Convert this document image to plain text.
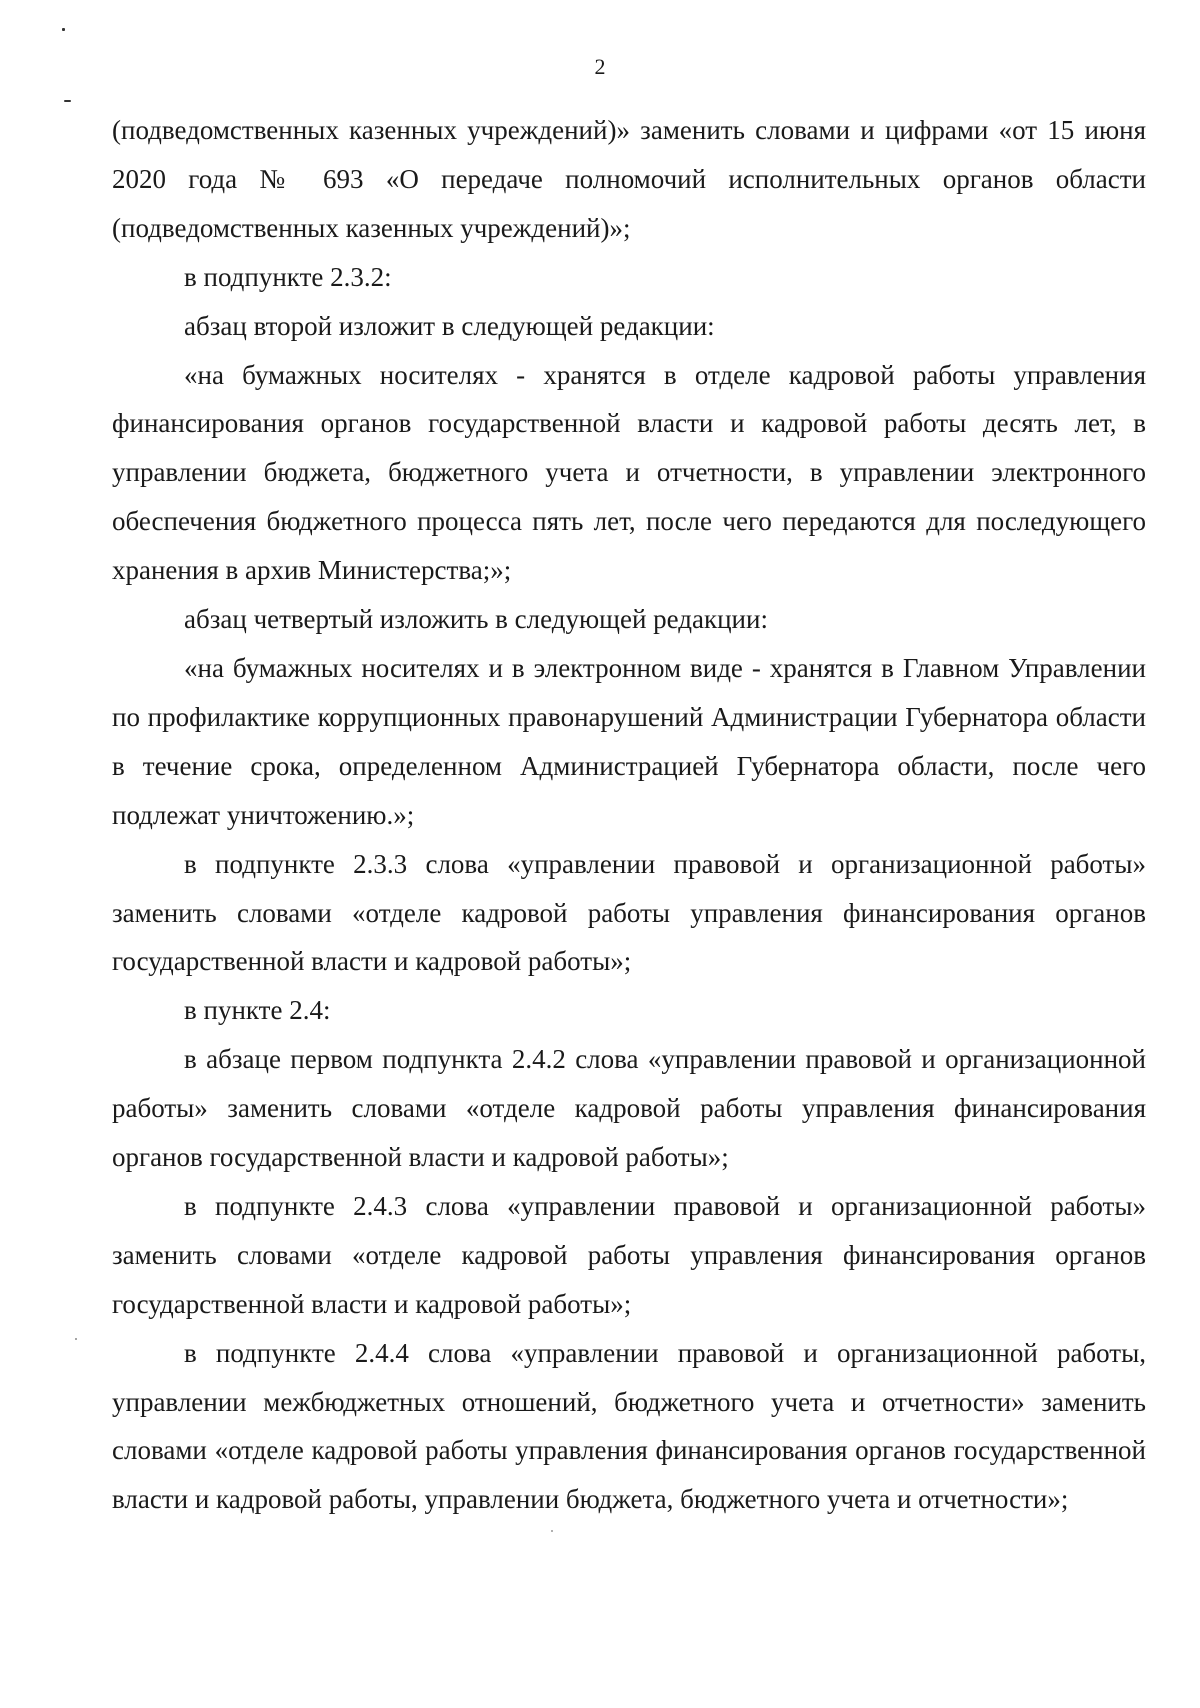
2

(подведомственных казенных учреждений)» заменить словами и цифрами «от 15 июня 2020 года № 693 «О передаче полномочий исполнительных органов области (подведомственных казенных учреждений)»;

в подпункте 2.3.2:

абзац второй изложит в следующей редакции:

«на бумажных носителях - хранятся в отделе кадровой работы управления финансирования органов государственной власти и кадровой работы десять лет, в управлении бюджета, бюджетного учета и отчетности, в управлении электронного обеспечения бюджетного процесса пять лет, после чего передаются для последующего хранения в архив Министерства;»;

абзац четвертый изложить в следующей редакции:

«на бумажных носителях и в электронном виде - хранятся в Главном Управлении по профилактике коррупционных правонарушений Администрации Губернатора области в течение срока, определенном Администрацией Губернатора области, после чего подлежат уничтожению.»;

в подпункте 2.3.3 слова «управлении правовой и организационной работы» заменить словами «отделе кадровой работы управления финансирования органов государственной власти и кадровой работы»;

в пункте 2.4:

в абзаце первом подпункта 2.4.2 слова «управлении правовой и организационной работы» заменить словами «отделе кадровой работы управления финансирования органов государственной власти и кадровой работы»;

в подпункте 2.4.3 слова «управлении правовой и организационной работы» заменить словами «отделе кадровой работы управления финансирования органов государственной власти и кадровой работы»;

в подпункте 2.4.4 слова «управлении правовой и организационной работы, управлении межбюджетных отношений, бюджетного учета и отчетности» заменить словами «отделе кадровой работы управления финансирования органов государственной власти и кадровой работы, управлении бюджета, бюджетного учета и отчетности»;
